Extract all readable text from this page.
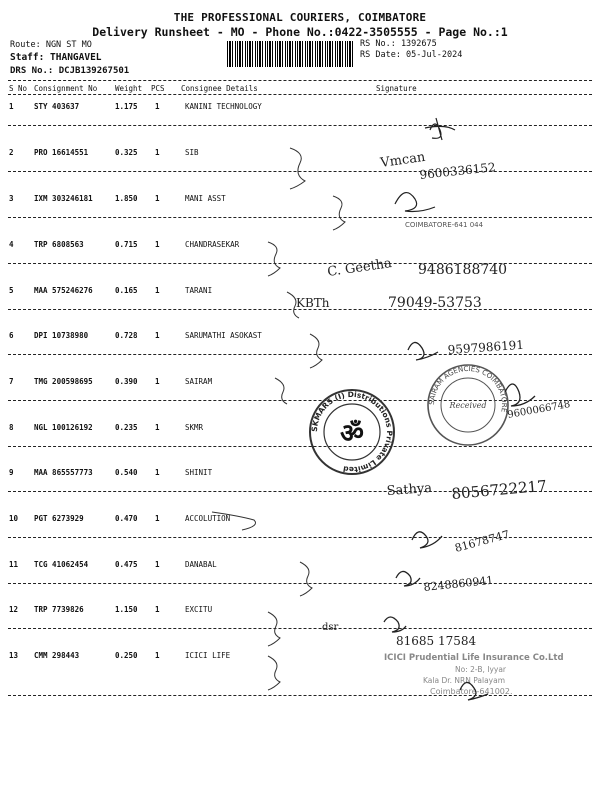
THE PROFESSIONAL COURIERS, COIMBATORE
Delivery Runsheet - MO - Phone No.:0422-3505555 - Page No.:1
Route: NGN ST MO
Staff: THANGAVEL
DRS No.: DCJB139267501
RS No.: 1392675
RS Date: 05-Jul-2024
S No Consignment No Weight PCS Consignee Details	Signature
1	STY 403637	1.175 1	KANINI TECHNOLOGY
2	PRO 16614551	0.325 1	SIB
3	IXM 303246181	1.850 1	MANI ASST
4	TRP 6808563	0.715 1	CHANDRASEKAR
5	MAA 575246276	0.165 1	TARANI
6	DPI 10738980	0.728 1	SARUMATHI ASOKAST
7	TMG 200598695	0.390 1	SAIRAM
8	NGL 100126192	0.235 1	SKMR
9	MAA 865557773	0.540 1	SHINIT
10 PGT 6273929	0.470 1	ACCOLUTION
11 TCG 41062454	0.475 1	DANABAL
12 TRP 7739826	1.150 1	EXCITU
13 CMM 298443	0.250 1	ICICI LIFE
Vmcan
9600336152
COIMBATORE-641 044
C. Geetha 9486188740
KBTh	79049-53753
9597986191
SKMARS (I) Distributions Private Limited
ॐ
SAIRAM AGENCIES COIMBATORE
Received 9600066748
Sathya 8056722217
81678747
8248860941
dsr
81685 17584
ICICI Prudential Life Insurance Co.Ltd
No: 2-B, Iyyar
Kala Dr. NRN Palayam
Coimbatore-641002.
